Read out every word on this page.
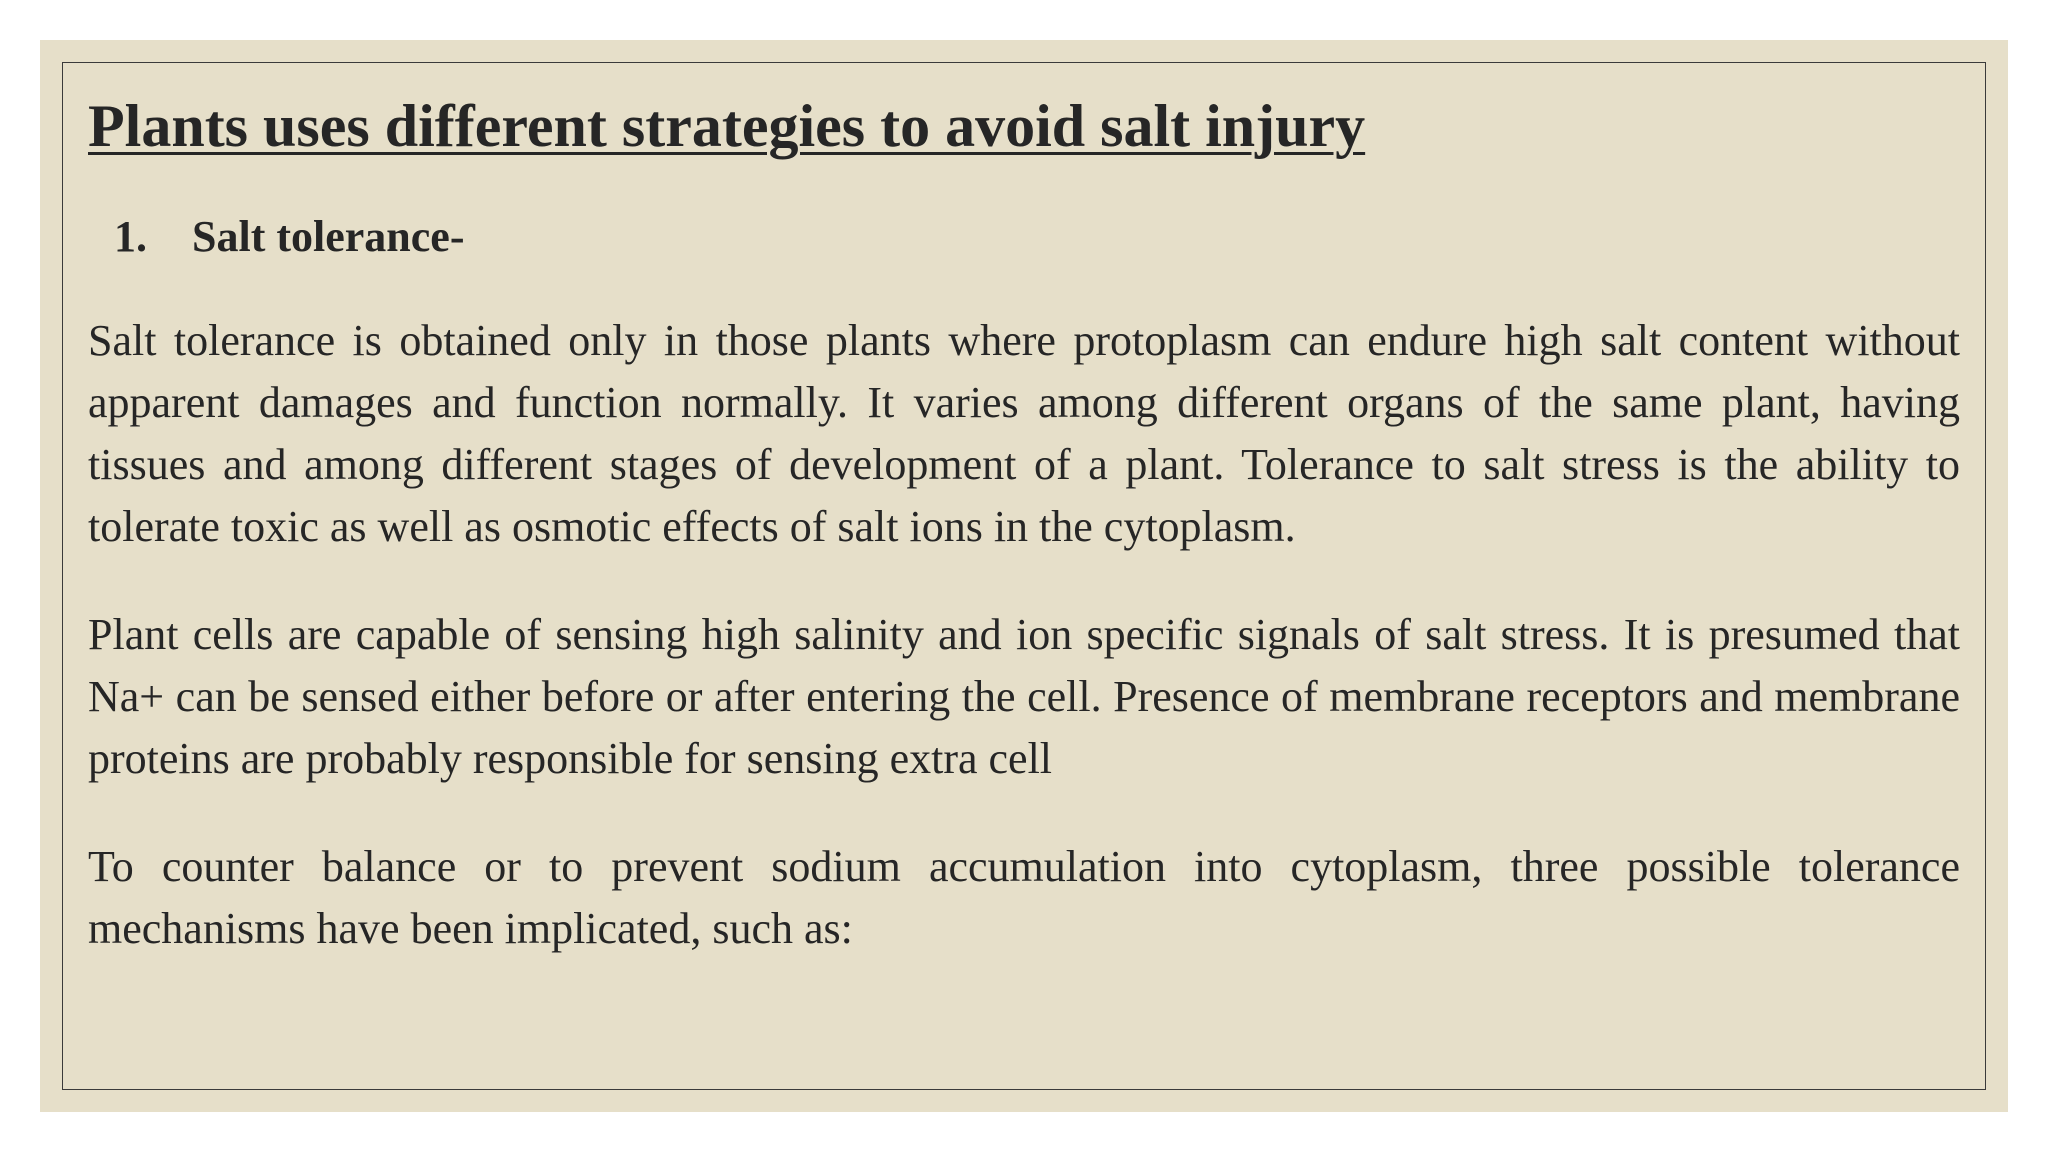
Plants uses different strategies to avoid salt injury
1.	Salt tolerance-

Salt tolerance is obtained only in those plants where protoplasm can endure high salt content without apparent damages and function normally. It varies among different organs of the same plant, having tissues and among different stages of development of a plant. Tolerance to salt stress is the ability to tolerate toxic as well as osmotic effects of salt ions in the cytoplasm.

Plant cells are capable of sensing high salinity and ion specific signals of salt stress. It is presumed that Na+ can be sensed either before or after entering the cell. Presence of membrane receptors and membrane proteins are probably responsible for sensing extra cell

To counter balance or to prevent sodium accumulation into cytoplasm, three possible tolerance mechanisms have been implicated, such as:
